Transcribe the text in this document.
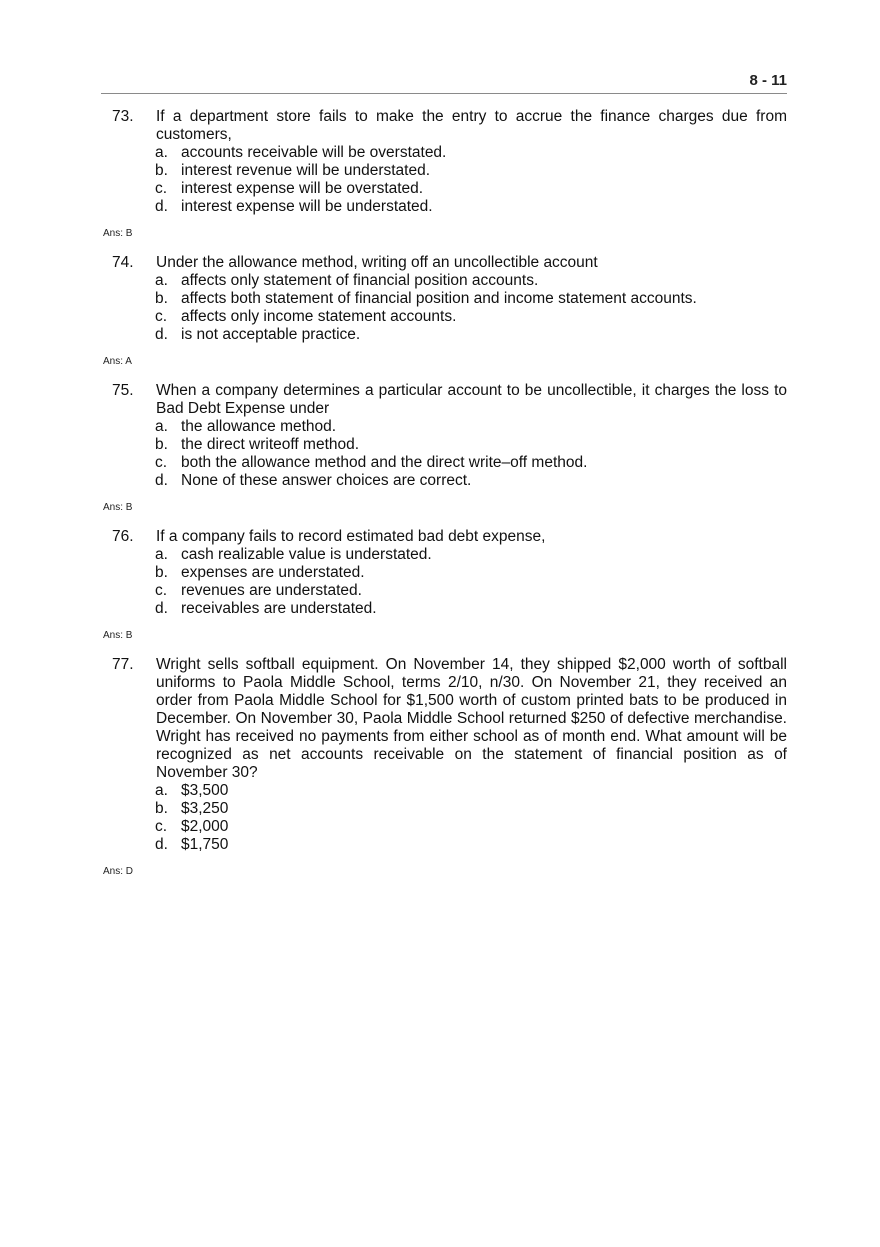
8 - 11
73. If a department store fails to make the entry to accrue the finance charges due from customers,
a. accounts receivable will be overstated.
b. interest revenue will be understated.
c. interest expense will be overstated.
d. interest expense will be understated.
Ans: B
74. Under the allowance method, writing off an uncollectible account
a. affects only statement of financial position accounts.
b. affects both statement of financial position and income statement accounts.
c. affects only income statement accounts.
d. is not acceptable practice.
Ans: A
75. When a company determines a particular account to be uncollectible, it charges the loss to Bad Debt Expense under
a. the allowance method.
b. the direct writeoff method.
c. both the allowance method and the direct write–off method.
d. None of these answer choices are correct.
Ans: B
76. If a company fails to record estimated bad debt expense,
a. cash realizable value is understated.
b. expenses are understated.
c. revenues are understated.
d. receivables are understated.
Ans: B
77. Wright sells softball equipment. On November 14, they shipped $2,000 worth of softball uniforms to Paola Middle School, terms 2/10, n/30. On November 21, they received an order from Paola Middle School for $1,500 worth of custom printed bats to be produced in December. On November 30, Paola Middle School returned $250 of defective merchandise. Wright has received no payments from either school as of month end. What amount will be recognized as net accounts receivable on the statement of financial position as of November 30?
a. $3,500
b. $3,250
c. $2,000
d. $1,750
Ans: D
